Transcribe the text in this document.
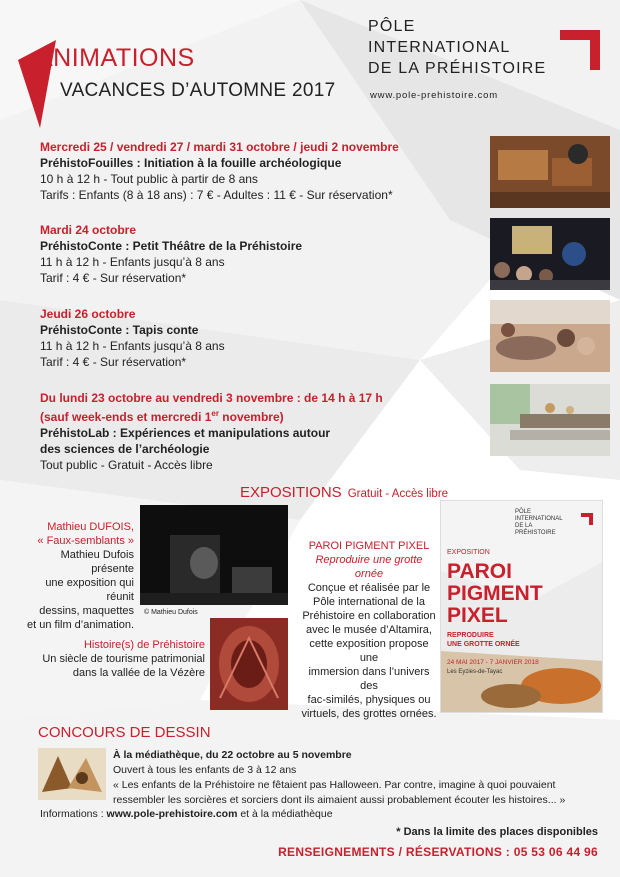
ANIMATIONS
VACANCES D’AUTOMNE 2017
PÔLE
INTERNATIONAL
DE LA PRÉHISTOIRE
www.pole-prehistoire.com
Mercredi 25 / vendredi 27 / mardi 31 octobre / jeudi 2 novembre
PréhistoFouilles : Initiation à la fouille archéologique
10 h à 12 h - Tout public à partir de 8 ans
Tarifs : Enfants (8 à 18 ans) : 7 € - Adultes : 11 € - Sur réservation*
Mardi 24 octobre
PréhistoConte : Petit Théâtre de la Préhistoire
11 h à 12 h - Enfants jusqu’à 8 ans
Tarif : 4 € - Sur réservation*
Jeudi 26 octobre
PréhistoConte : Tapis conte
11 h à 12 h - Enfants jusqu’à 8 ans
Tarif : 4 € - Sur réservation*
Du lundi 23 octobre au vendredi 3 novembre : de 14 h à 17 h
(sauf week-ends et mercredi 1er novembre)
PréhistoLab : Expériences et manipulations autour
des sciences de l’archéologie
Tout public - Gratuit - Accès libre
EXPOSITIONS Gratuit - Accès libre
Mathieu DUFOIS,
« Faux-semblants »
Mathieu Dufois présente
une exposition qui réunit
dessins, maquettes
et un film d’animation.
© Mathieu Dufois
Histoire(s) de Préhistoire
Un siècle de tourisme patrimonial
dans la vallée de la Vézère
PAROI PIGMENT PIXEL
Reproduire une grotte ornée
Conçue et réalisée par le
Pôle international de la
Préhistoire en collaboration
avec le musée d’Altamira,
cette exposition propose une
immersion dans l’univers des
fac-similés, physiques ou
virtuels, des grottes ornées.
PÔLE
INTERNATIONAL
DE LA
PRÉHISTOIRE
EXPOSITION
PAROI
PIGMENT
PIXEL
REPRODUIRE
UNE GROTTE ORNÉE
24 MAI 2017 - 7 JANVIER 2018
Les Eyzies-de-Tayac
CONCOURS DE DESSIN
À la médiathèque, du 22 octobre au 5 novembre
Ouvert à tous les enfants de 3 à 12 ans
« Les enfants de la Préhistoire ne fêtaient pas Halloween. Par contre, imagine à quoi pouvaient
ressembler les sorcières et sorciers dont ils aimaient aussi probablement écouter les histoires... »
Informations : www.pole-prehistoire.com et à la médiathèque
* Dans la limite des places disponibles
RENSEIGNEMENTS / RÉSERVATIONS : 05 53 06 44 96
